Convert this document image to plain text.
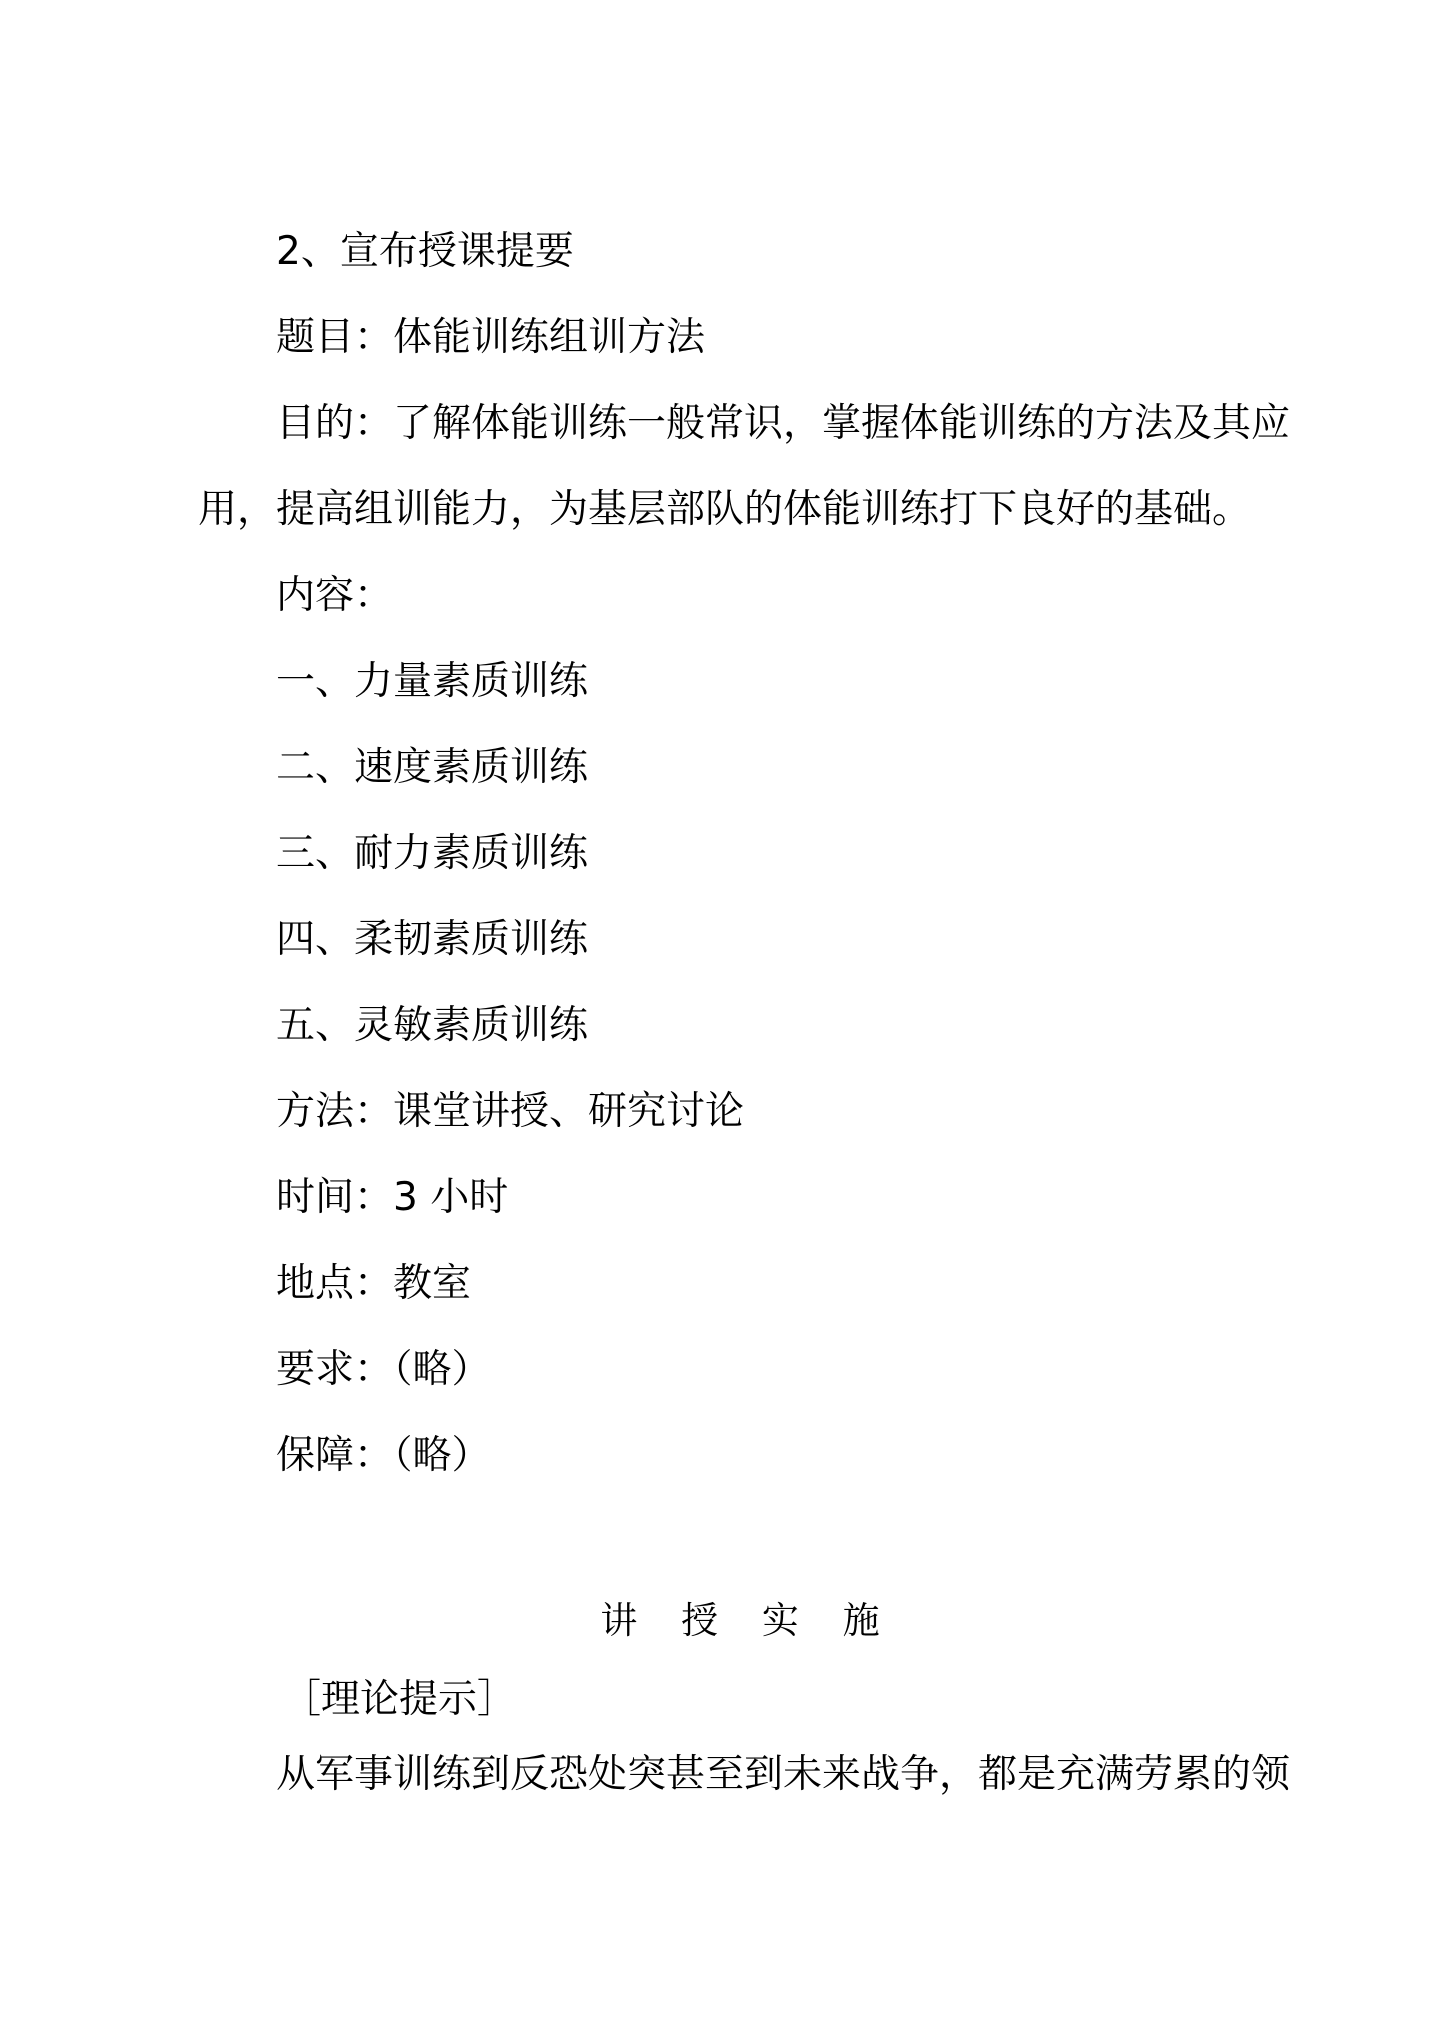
2、宣布授课提要
题目：体能训练组训方法
目的：了解体能训练一般常识，掌握体能训练的方法及其应
用，提高组训能力，为基层部队的体能训练打下良好的基础。
内容：
一、力量素质训练
二、速度素质训练
三、耐力素质训练
四、柔韧素质训练
五、灵敏素质训练
方法：课堂讲授、研究讨论
时间：3 小时
地点：教室
要求：（略）
保障：（略）
讲 授 实 施
［理论提示］
从军事训练到反恐处突甚至到未来战争，都是充满劳累的领
